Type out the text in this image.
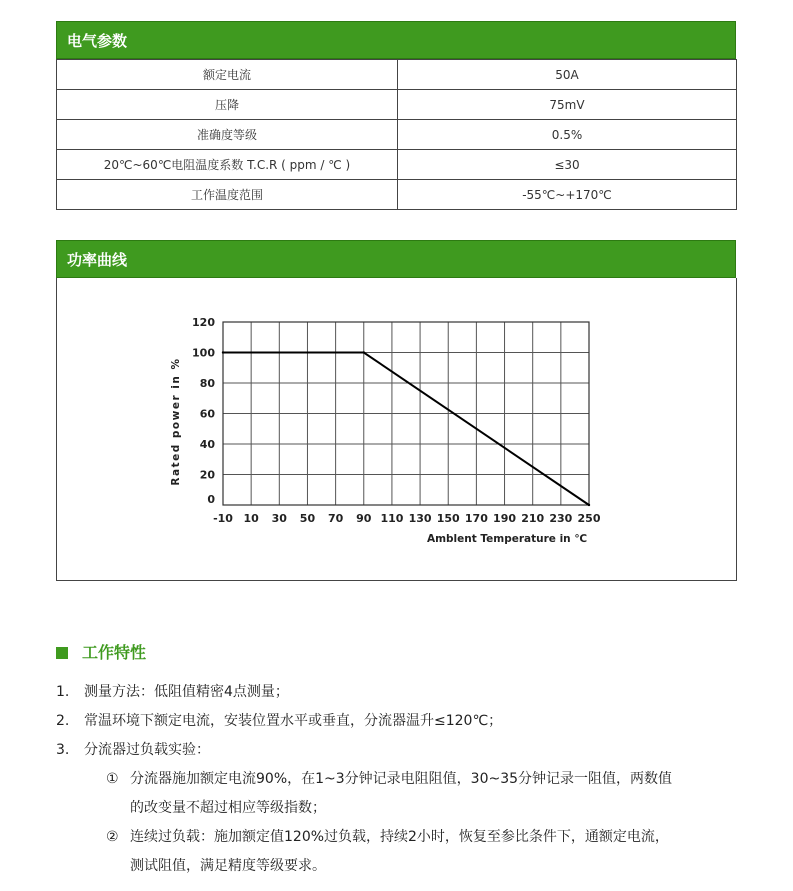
电气参数
额定电流	50A
压降	75mV
准确度等级	0.5%
20℃~60℃电阻温度系数 T.C.R ( ppm / ℃ )	≤30
工作温度范围	-55℃~+170℃
功率曲线
-10 10 30 50 70 90 110 130 150 170 190 210 230 250
120
100
80
60
40
20
0
Amblent Temperature in ℃
Rated power in %
工作特性
1. 测量方法：低阻值精密4点测量；
2. 常温环境下额定电流，安装位置水平或垂直，分流器温升≤120℃；
3. 分流器过负载实验：
① 分流器施加额定电流90%，在1~3分钟记录电阻阻值，30~35分钟记录一阻值，两数值
的改变量不超过相应等级指数；
② 连续过负载：施加额定值120%过负载，持续2小时，恢复至参比条件下，通额定电流，
测试阻值，满足精度等级要求。
